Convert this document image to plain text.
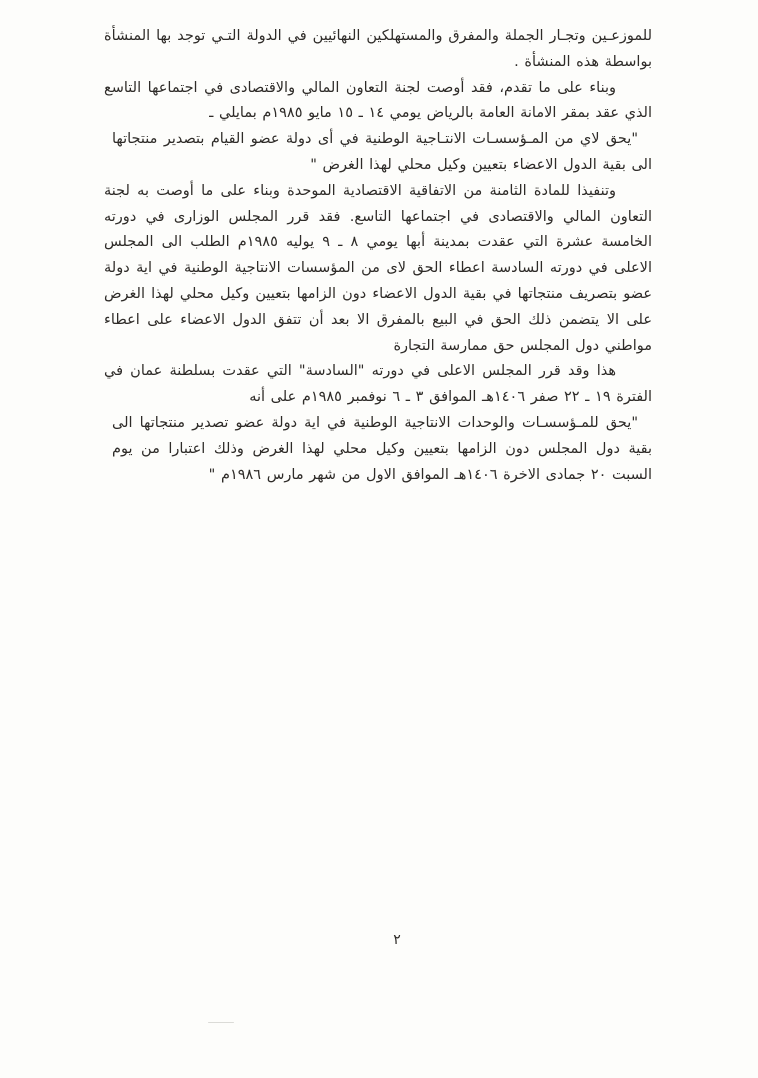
للموزعـين وتجـار الجملة والمفرق والمستهلكين النهائيين في الدولة التـي توجد بها المنشأة بواسطة هذه المنشأة .

وبناء على ما تقدم، فقد أوصت لجنة التعاون المالي والاقتصادى في اجتماعها التاسع الذي عقد بمقر الامانة العامة بالرياض يومي ١٤ ـ ١٥ مايو ١٩٨٥م بمايلي ـ

"يحق لاي من المـؤسسـات الانتـاجية الوطنية في أى دولة عضو القيام بتصدير منتجاتها الى بقية الدول الاعضاء بتعيين وكيل محلي لهذا الغرض "

وتنفيذا للمادة الثامنة من الاتفاقية الاقتصادية الموحدة وبناء على ما أوصت به لجنة التعاون المالي والاقتصادى في اجتماعها التاسع. فقد قرر المجلس الوزارى في دورته الخامسة عشرة التي عقدت بمدينة أبها يومي ٨ ـ ٩ يوليه ١٩٨٥م الطلب الى المجلس الاعلى في دورته السادسة اعطاء الحق لاى من المؤسسات الانتاجية الوطنية في اية دولة عضو بتصريف منتجاتها في بقية الدول الاعضاء دون الزامها بتعيين وكيل محلي لهذا الغرض على الا يتضمن ذلك الحق في البيع بالمفرق الا بعد أن تتفق الدول الاعضاء على اعطاء مواطني دول المجلس حق ممارسة التجارة

هذا وقد قرر المجلس الاعلى في دورته "السادسة" التي عقدت بسلطنة عمان في الفترة ١٩ ـ ٢٢ صفر ١٤٠٦هـ الموافق ٣ ـ ٦ نوفمبر ١٩٨٥م على أنه

"يحق للمـؤسسـات والوحدات الانتاجية الوطنية في اية دولة عضو تصدير منتجاتها الى بقية دول المجلس دون الزامها بتعيين وكيل محلي لهذا الغرض وذلك اعتبارا من يوم السبت ٢٠ جمادى الاخرة ١٤٠٦هـ الموافق الاول من شهر مارس ١٩٨٦م "

٢
